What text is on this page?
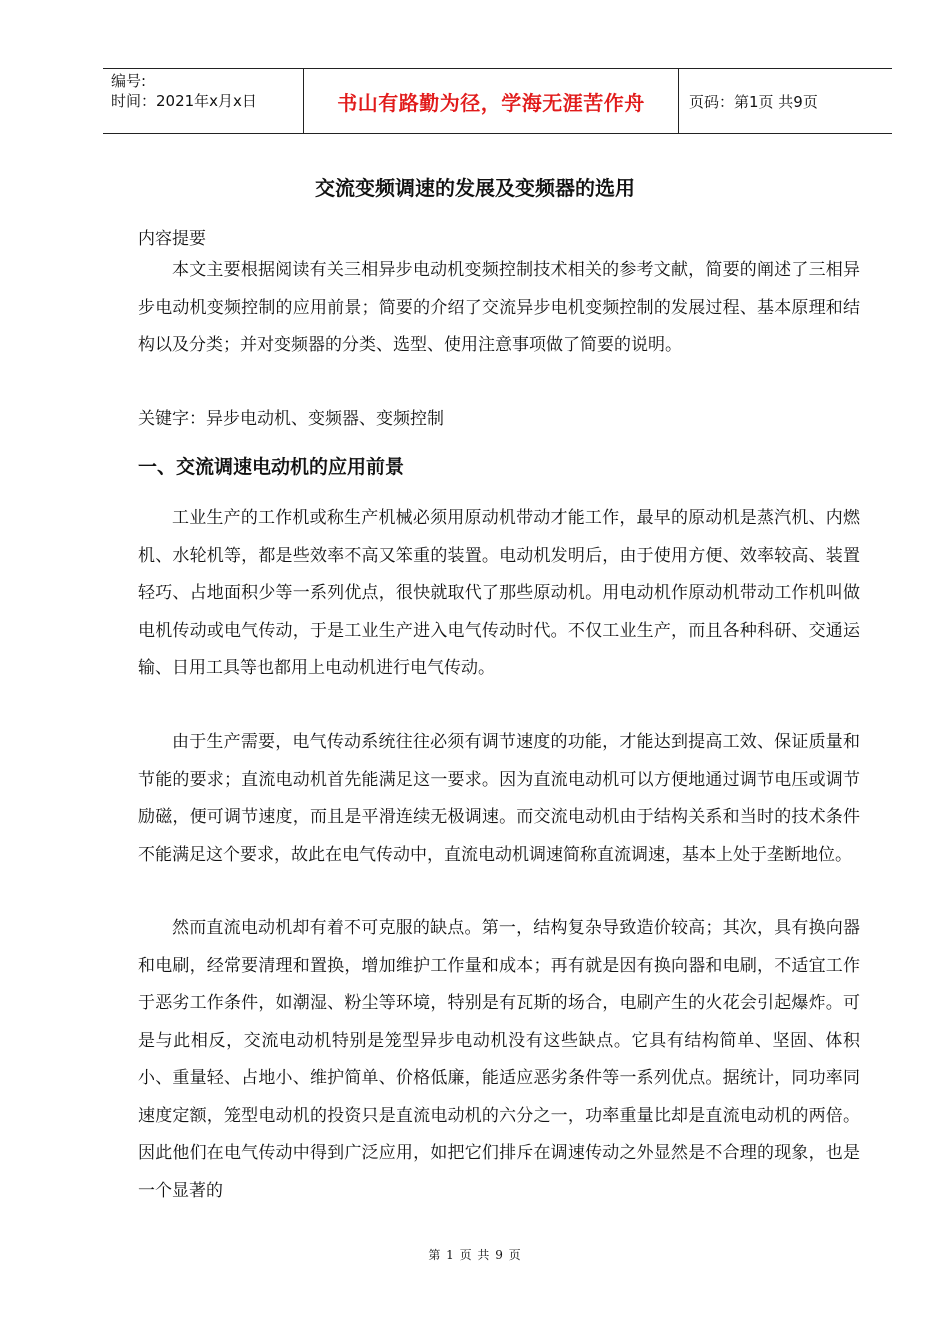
编号:
时间：2021年x月x日	书山有路勤为径，学海无涯苦作舟	页码：第1页 共9页
交流变频调速的发展及变频器的选用
内容提要
本文主要根据阅读有关三相异步电动机变频控制技术相关的参考文献，简要的阐述了三相异步电动机变频控制的应用前景；简要的介绍了交流异步电机变频控制的发展过程、基本原理和结构以及分类；并对变频器的分类、选型、使用注意事项做了简要的说明。
关键字：异步电动机、变频器、变频控制
一、交流调速电动机的应用前景
工业生产的工作机或称生产机械必须用原动机带动才能工作，最早的原动机是蒸汽机、内燃机、水轮机等，都是些效率不高又笨重的装置。电动机发明后，由于使用方便、效率较高、装置轻巧、占地面积少等一系列优点，很快就取代了那些原动机。用电动机作原动机带动工作机叫做电机传动或电气传动，于是工业生产进入电气传动时代。不仅工业生产，而且各种科研、交通运输、日用工具等也都用上电动机进行电气传动。
由于生产需要，电气传动系统往往必须有调节速度的功能，才能达到提高工效、保证质量和节能的要求；直流电动机首先能满足这一要求。因为直流电动机可以方便地通过调节电压或调节励磁，便可调节速度，而且是平滑连续无极调速。而交流电动机由于结构关系和当时的技术条件不能满足这个要求，故此在电气传动中，直流电动机调速简称直流调速，基本上处于垄断地位。
然而直流电动机却有着不可克服的缺点。第一，结构复杂导致造价较高；其次，具有换向器和电刷，经常要清理和置换，增加维护工作量和成本；再有就是因有换向器和电刷，不适宜工作于恶劣工作条件，如潮湿、粉尘等环境，特别是有瓦斯的场合，电刷产生的火花会引起爆炸。可是与此相反，交流电动机特别是笼型异步电动机没有这些缺点。它具有结构简单、坚固、体积小、重量轻、占地小、维护简单、价格低廉，能适应恶劣条件等一系列优点。据统计，同功率同速度定额，笼型电动机的投资只是直流电动机的六分之一，功率重量比却是直流电动机的两倍。因此他们在电气传动中得到广泛应用，如把它们排斥在调速传动之外显然是不合理的现象，也是一个显著的
第 1 页 共 9 页
